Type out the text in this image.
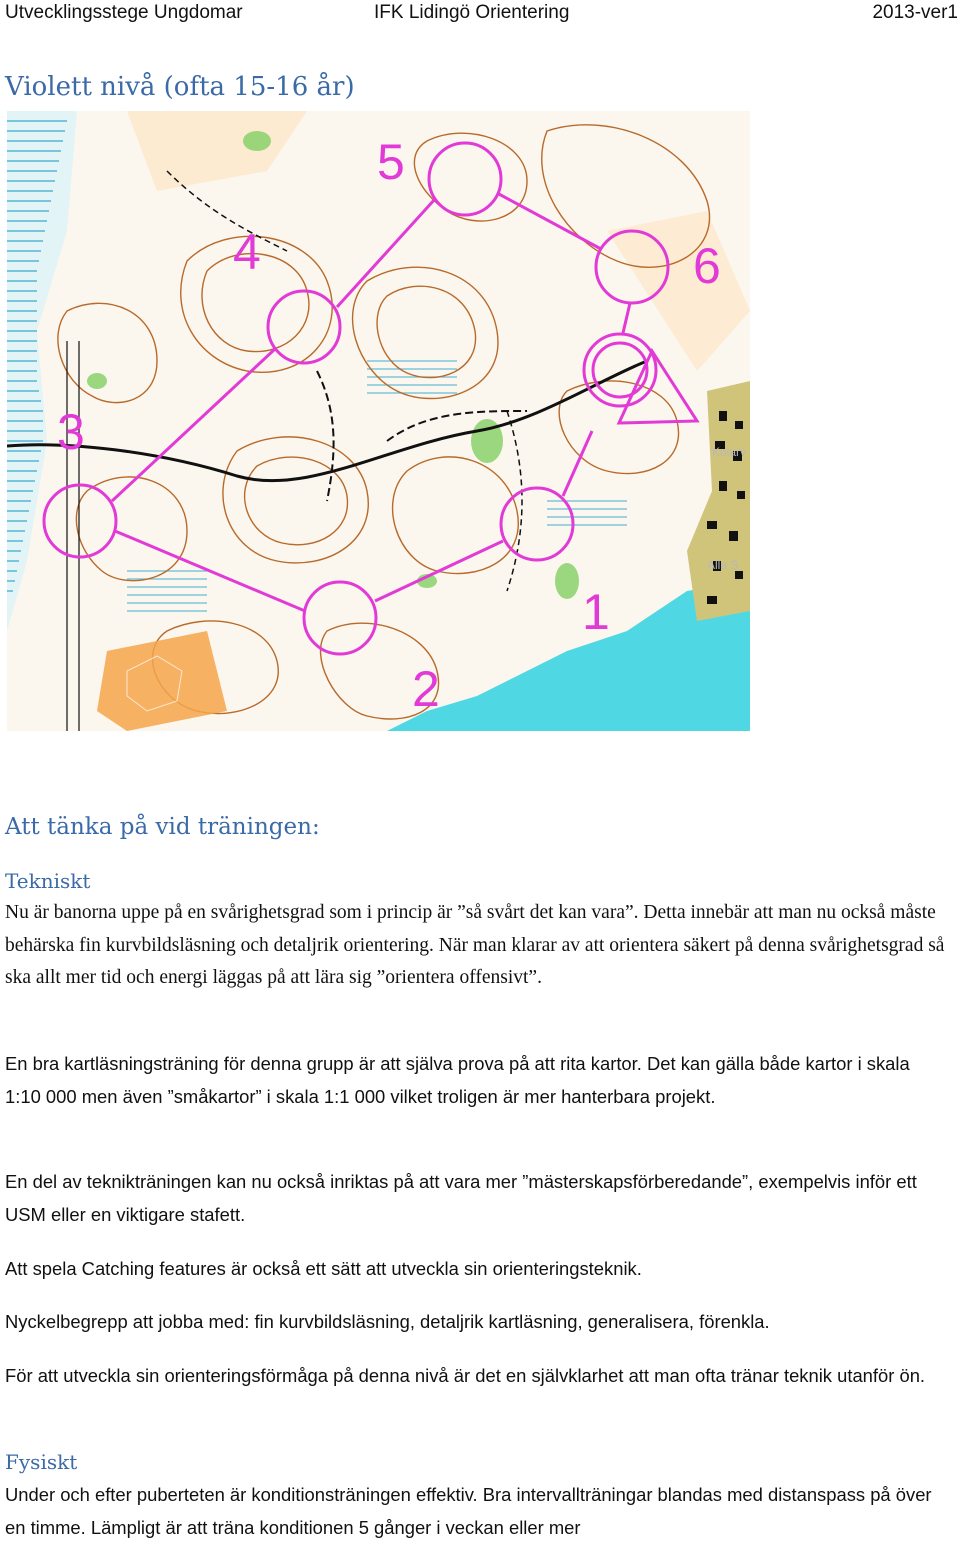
Utvecklingsstege Ungdomar	IFK Lidingö Orientering	2013-ver1
Violett nivå (ofta 15-16 år)
Kolarv
Alla S
1
2
3
4
5
6
Att tänka på vid träningen:
Tekniskt

Nu är banorna uppe på en svårighetsgrad som i princip är ”så svårt det kan vara”. Detta innebär att man nu också måste behärska fin kurvbildsläsning och detaljrik orientering. När man klarar av att orientera säkert på denna svårighetsgrad så ska allt mer tid och energi läggas på att lära sig ”orientera offensivt”.

En bra kartläsningsträning för denna grupp är att själva prova på att rita kartor. Det kan gälla både kartor i skala 1:10 000 men även ”småkartor” i skala 1:1 000 vilket troligen är mer hanterbara projekt.

En del av teknikträningen kan nu också inriktas på att vara mer ”mästerskapsförberedande”, exempelvis inför ett USM eller en viktigare stafett.

Att spela Catching features är också ett sätt att utveckla sin orienteringsteknik.

Nyckelbegrepp att jobba med: fin kurvbildsläsning, detaljrik kartläsning, generalisera, förenkla.

För att utveckla sin orienteringsförmåga på denna nivå är det en självklarhet att man ofta tränar teknik utanför ön.

Fysiskt

Under och efter puberteten är konditionsträningen effektiv. Bra intervallträningar blandas med distanspass på över en timme. Lämpligt är att träna konditionen 5 gånger i veckan eller mer
